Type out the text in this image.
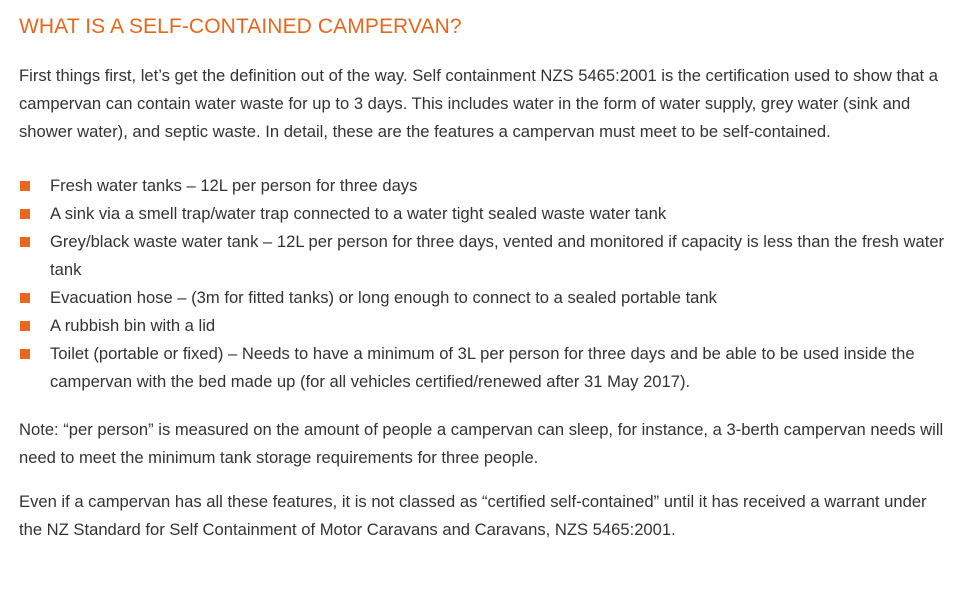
WHAT IS A SELF-CONTAINED CAMPERVAN?

First things first, let’s get the definition out of the way. Self containment NZS 5465:2001 is the certification used to show that a campervan can contain water waste for up to 3 days. This includes water in the form of water supply, grey water (sink and shower water), and septic waste. In detail, these are the features a campervan must meet to be self-contained.

Fresh water tanks – 12L per person for three days
A sink via a smell trap/water trap connected to a water tight sealed waste water tank
Grey/black waste water tank – 12L per person for three days, vented and monitored if capacity is less than the fresh water tank
Evacuation hose – (3m for fitted tanks) or long enough to connect to a sealed portable tank
A rubbish bin with a lid
Toilet (portable or fixed) – Needs to have a minimum of 3L per person for three days and be able to be used inside the campervan with the bed made up (for all vehicles certified/renewed after 31 May 2017).

Note: “per person” is measured on the amount of people a campervan can sleep, for instance, a 3-berth campervan needs will need to meet the minimum tank storage requirements for three people.

Even if a campervan has all these features, it is not classed as “certified self-contained” until it has received a warrant under the NZ Standard for Self Containment of Motor Caravans and Caravans, NZS 5465:2001.
